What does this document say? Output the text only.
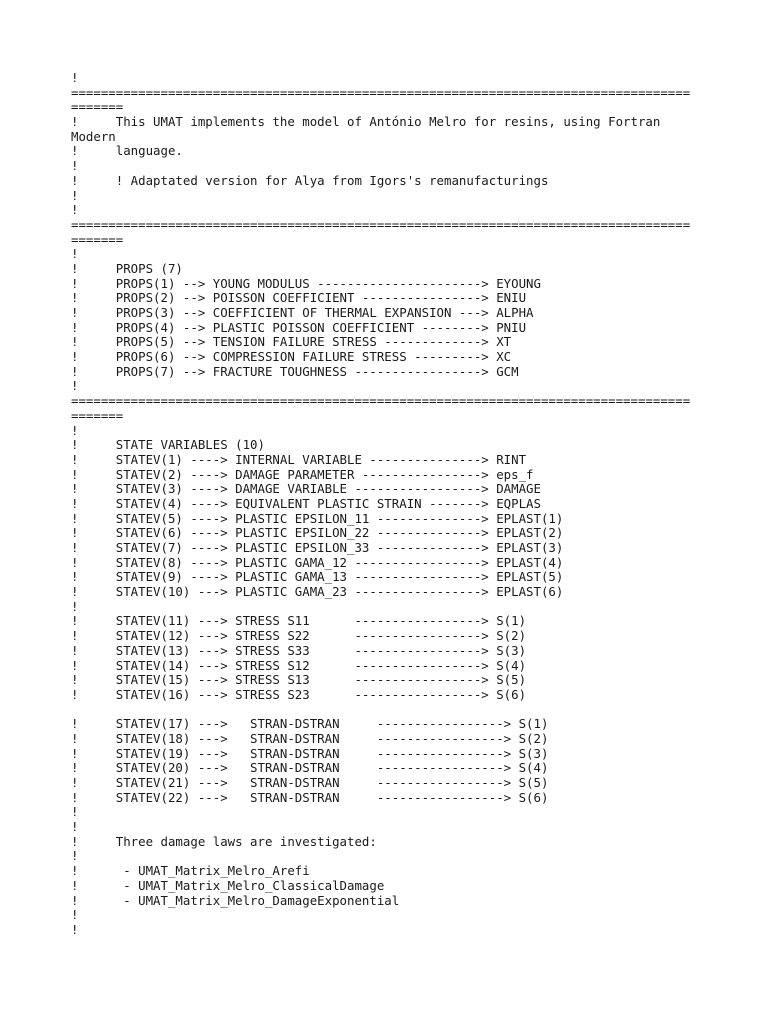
!
===================================================================================
=======
!     This UMAT implements the model of António Melro for resins, using Fortran
Modern
!     language.
!
!     ! Adaptated version for Alya from Igors's remanufacturings
!
!
===================================================================================
=======
!
!     PROPS (7)
!     PROPS(1) --> YOUNG MODULUS ----------------------> EYOUNG
!     PROPS(2) --> POISSON COEFFICIENT ----------------> ENIU
!     PROPS(3) --> COEFFICIENT OF THERMAL EXPANSION ---> ALPHA
!     PROPS(4) --> PLASTIC POISSON COEFFICIENT --------> PNIU
!     PROPS(5) --> TENSION FAILURE STRESS -------------> XT
!     PROPS(6) --> COMPRESSION FAILURE STRESS ---------> XC
!     PROPS(7) --> FRACTURE TOUGHNESS -----------------> GCM
!
===================================================================================
=======
!
!     STATE VARIABLES (10)
!     STATEV(1) ----> INTERNAL VARIABLE ---------------> RINT
!     STATEV(2) ----> DAMAGE PARAMETER ----------------> eps_f
!     STATEV(3) ----> DAMAGE VARIABLE -----------------> DAMAGE
!     STATEV(4) ----> EQUIVALENT PLASTIC STRAIN -------> EQPLAS
!     STATEV(5) ----> PLASTIC EPSILON_11 --------------> EPLAST(1)
!     STATEV(6) ----> PLASTIC EPSILON_22 --------------> EPLAST(2)
!     STATEV(7) ----> PLASTIC EPSILON_33 --------------> EPLAST(3)
!     STATEV(8) ----> PLASTIC GAMA_12 -----------------> EPLAST(4)
!     STATEV(9) ----> PLASTIC GAMA_13 -----------------> EPLAST(5)
!     STATEV(10) ---> PLASTIC GAMA_23 -----------------> EPLAST(6)
!
!     STATEV(11) ---> STRESS S11      -----------------> S(1)
!     STATEV(12) ---> STRESS S22      -----------------> S(2)
!     STATEV(13) ---> STRESS S33      -----------------> S(3)
!     STATEV(14) ---> STRESS S12      -----------------> S(4)
!     STATEV(15) ---> STRESS S13      -----------------> S(5)
!     STATEV(16) ---> STRESS S23      -----------------> S(6)
!     STATEV(17) --->   STRAN-DSTRAN     -----------------> S(1)
!     STATEV(18) --->   STRAN-DSTRAN     -----------------> S(2)
!     STATEV(19) --->   STRAN-DSTRAN     -----------------> S(3)
!     STATEV(20) --->   STRAN-DSTRAN     -----------------> S(4)
!     STATEV(21) --->   STRAN-DSTRAN     -----------------> S(5)
!     STATEV(22) --->   STRAN-DSTRAN     -----------------> S(6)
!
!
!     Three damage laws are investigated:
!
!      - UMAT_Matrix_Melro_Arefi
!      - UMAT_Matrix_Melro_ClassicalDamage
!      - UMAT_Matrix_Melro_DamageExponential
!
!
